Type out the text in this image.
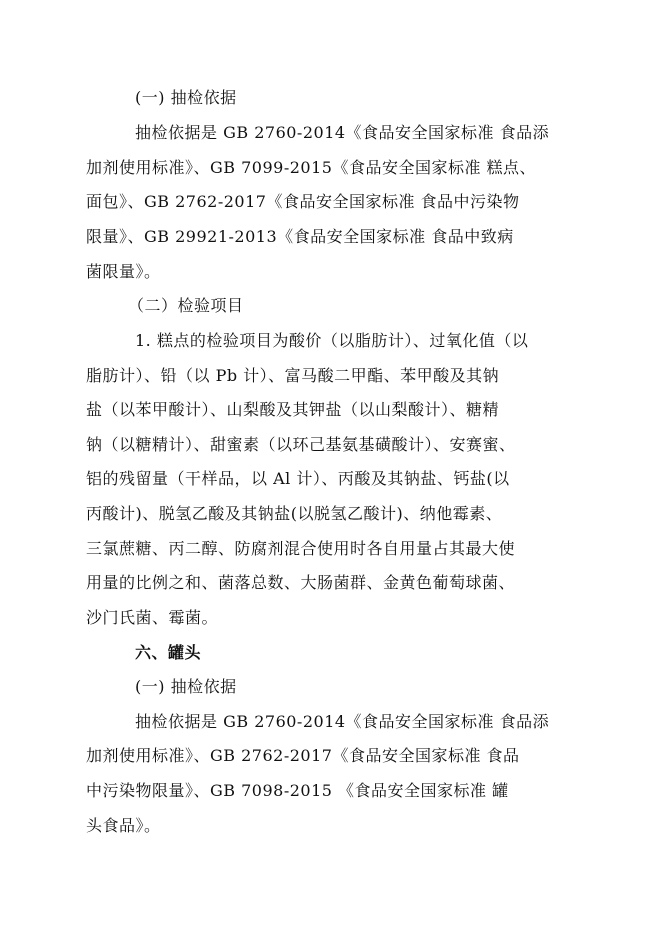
(一) 抽检依据
抽检依据是 GB 2760-2014《食品安全国家标准 食品添
加剂使用标准》、GB 7099-2015《食品安全国家标准 糕点、
面包》、GB 2762-2017《食品安全国家标准 食品中污染物
限量》、GB 29921-2013《食品安全国家标准 食品中致病
菌限量》。
（二）检验项目
1. 糕点的检验项目为酸价（以脂肪计）、过氧化值（以
脂肪计）、铅（以 Pb 计）、富马酸二甲酯、苯甲酸及其钠
盐（以苯甲酸计）、山梨酸及其钾盐（以山梨酸计）、糖精
钠（以糖精计）、甜蜜素（以环己基氨基磺酸计）、安赛蜜、
铝的残留量（干样品，以 Al 计）、丙酸及其钠盐、钙盐(以
丙酸计)、脱氢乙酸及其钠盐(以脱氢乙酸计)、纳他霉素、
三氯蔗糖、丙二醇、防腐剂混合使用时各自用量占其最大使
用量的比例之和、菌落总数、大肠菌群、金黄色葡萄球菌、
沙门氏菌、霉菌。
六、罐头
(一) 抽检依据
抽检依据是 GB 2760-2014《食品安全国家标准 食品添
加剂使用标准》、GB 2762-2017《食品安全国家标准 食品
中污染物限量》、GB 7098-2015 《食品安全国家标准 罐
头食品》。
